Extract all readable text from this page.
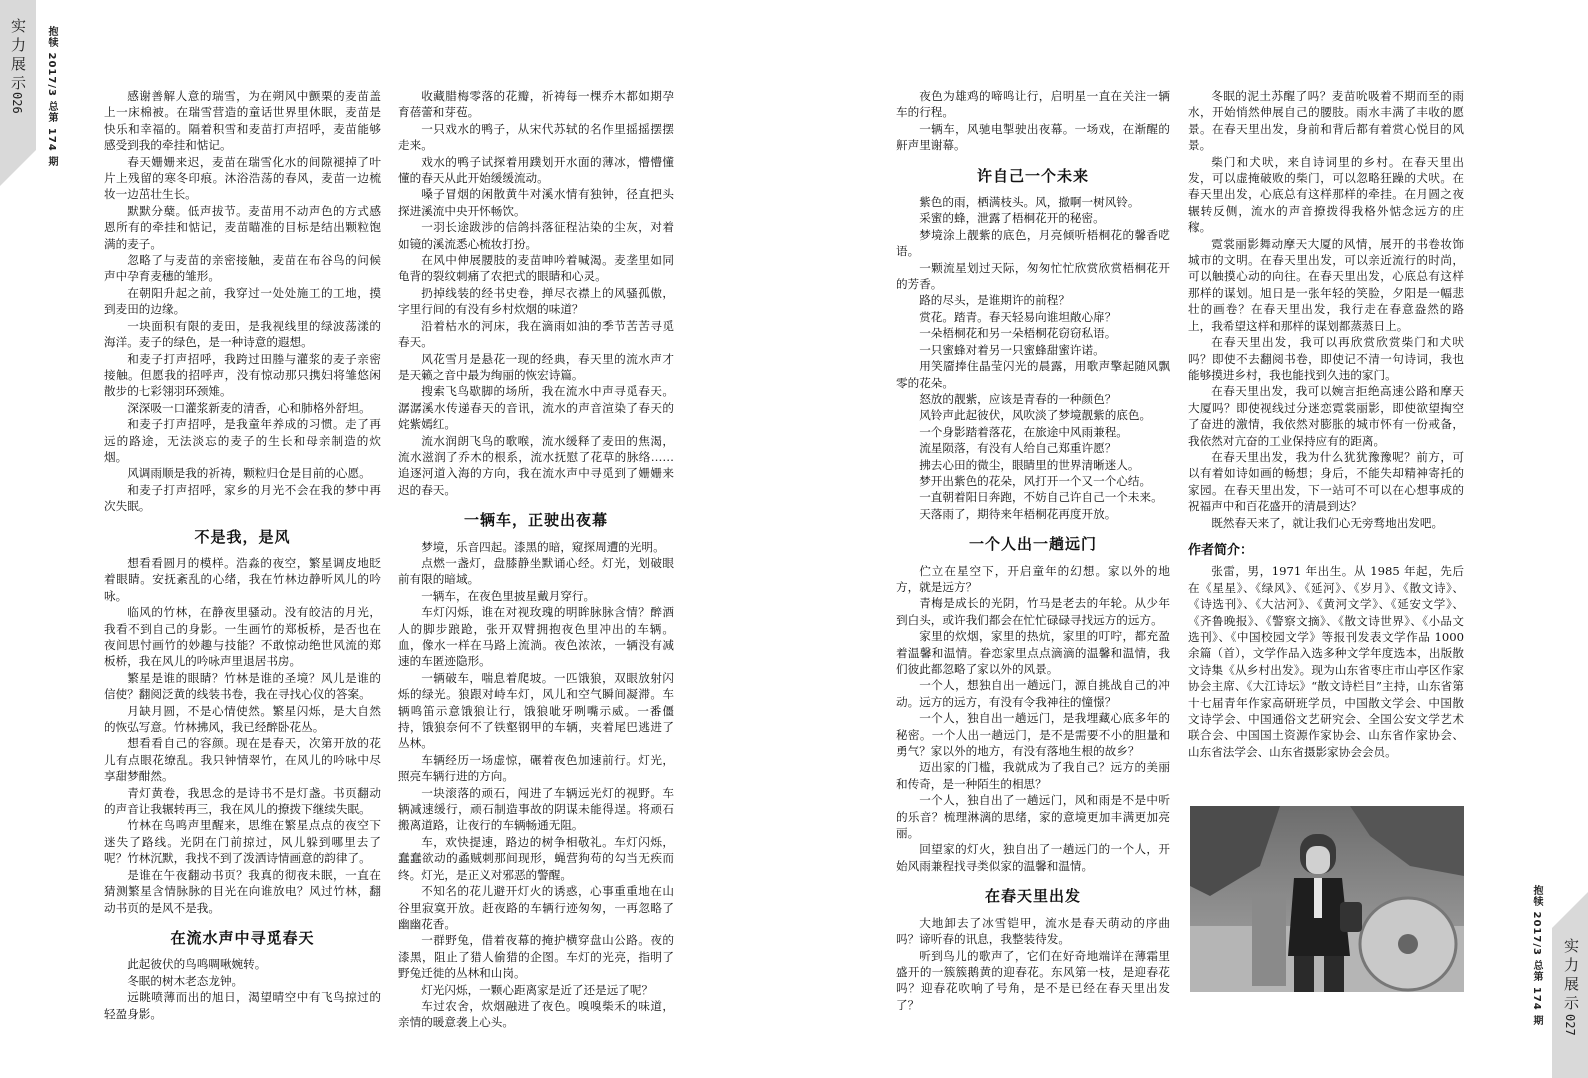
实力展示
026 抱犊 2017/3 总第 174 期	感谢善解人意的瑞雪，为在朔风中颤栗的麦苗盖上一床棉被。在瑞雪营造的童话世界里休眠，麦苗是快乐和幸福的。隔着积雪和麦苗打声招呼，麦苗能够感受到我的牵挂和惦记。

春天姗姗来迟，麦苗在瑞雪化水的间隙褪掉了叶片上残留的寒冬印痕。沐浴浩荡的春风，麦苗一边梳妆一边茁壮生长。

默默分蘖。低声拔节。麦苗用不动声色的方式感恩所有的牵挂和惦记，麦苗瞄准的目标是结出颗粒饱满的麦子。

忽略了与麦苗的亲密接触，麦苗在布谷鸟的问候声中孕育麦穗的雏形。

在朝阳升起之前，我穿过一处处施工的工地，摸到麦田的边缘。

一块面积有限的麦田，是我视线里的绿波荡漾的海洋。麦子的绿色，是一种诗意的遐想。

和麦子打声招呼，我跨过田塍与灌浆的麦子亲密接触。但愿我的招呼声，没有惊动那只携妇将雏悠闲散步的七彩翎羽环颈雉。

深深吸一口灌浆新麦的清香，心和肺格外舒坦。

和麦子打声招呼，是我童年养成的习惯。走了再远的路途，无法淡忘的麦子的生长和母亲制造的炊烟。

风调雨顺是我的祈祷，颗粒归仓是目前的心愿。

和麦子打声招呼，家乡的月光不会在我的梦中再次失眠。

不是我，是风

想看看圆月的模样。浩淼的夜空，繁星调皮地眨着眼睛。安抚紊乱的心绪，我在竹林边静听风儿的吟咏。

临风的竹林，在静夜里骚动。没有皎洁的月光，我看不到自己的身影。一生画竹的郑板桥，是否也在夜间思忖画竹的妙趣与技能？不敢惊动绝世风流的郑板桥，我在风儿的吟咏声里退居书房。

繁星是谁的眼睛？竹林是谁的圣境？风儿是谁的信使？翻阅泛黄的线装书卷，我在寻找心仪的答案。

月缺月圆，不是心情使然。繁星闪烁，是大自然的恢弘写意。竹林拂风，我已经醉卧花丛。

想看看自己的容颜。现在是春天，次第开放的花儿有点眼花缭乱。我只钟情翠竹，在风儿的吟咏中尽享甜梦酣然。

青灯黄卷，我思念的是诗书不是灯盏。书页翻动的声音让我辗转再三，我在风儿的撩拨下继续失眠。

竹林在鸟鸣声里醒来，思维在繁星点点的夜空下迷失了路线。光阴在门前掠过，风儿躲到哪里去了呢？竹林沉默，我找不到了泼洒诗情画意的韵律了。

是谁在午夜翻动书页？我真的彻夜未眠，一直在猜测繁星含情脉脉的目光在向谁放电？风过竹林，翻动书页的是风不是我。

在流水声中寻觅春天

此起彼伏的鸟鸣啁啾婉转。

冬眠的树木老态龙钟。

远眺喷薄而出的旭日，渴望晴空中有飞鸟掠过的轻盈身影。

收藏腊梅零落的花瓣，祈祷每一棵乔木都如期孕育蓓蕾和芽苞。

一只戏水的鸭子，从宋代苏轼的名作里摇摇摆摆走来。

戏水的鸭子试探着用蹼划开水面的薄冰，懵懵懂懂的春天从此开始缓缓流动。

嗓子冒烟的闲散黄牛对溪水情有独钟，径直把头探进溪流中央开怀畅饮。

一羽长途跋涉的信鸽抖落征程沾染的尘灰，对着如镜的溪流悉心梳妆打扮。

在风中伸展腰肢的麦苗呻吟着喊渴。麦垄里如同龟背的裂纹刺痛了农把式的眼睛和心灵。

扔掉线装的经书史卷，掸尽衣襟上的风骚孤傲，字里行间的有没有乡村炊烟的味道？

沿着枯水的河床，我在滴雨如油的季节苦苦寻觅春天。

风花雪月是悬花一现的经典，春天里的流水声才是天籁之音中最为绚丽的恢宏诗篇。

搜索飞鸟歇脚的场所，我在流水中声寻觅春天。潺潺溪水传递春天的音讯，流水的声音渲染了春天的姹紫嫣红。

流水润朗飞鸟的歌喉，流水缓释了麦田的焦渴，流水滋润了乔木的根系，流水抚慰了花草的脉络……追逐河道入海的方向，我在流水声中寻觅到了姗姗来迟的春天。

一辆车，正驶出夜幕

梦境，乐音四起。漆黑的暗，窥探周遭的光明。

点燃一盏灯，盘膝静坐默诵心经。灯光，划破眼前有限的暗域。

一辆车，在夜色里披星戴月穿行。

车灯闪烁，谁在对视玫瑰的明眸脉脉含情？醉酒人的脚步踉跄，张开双臂拥抱夜色里冲出的车辆。血，像水一样在马路上流淌。夜色浓浓，一辆没有减速的车匿迹隐形。

一辆破车，喘息着爬坡。一匹饿狼，双眼放射闪烁的绿光。狼跟对峙车灯，风儿和空气瞬间凝滞。车辆鸣笛示意饿狼让行，饿狼呲牙咧嘴示威。一番僵持，饿狼奈何不了铁壑钢甲的车辆，夹着尾巴逃进了丛林。

车辆经历一场虚惊，碾着夜色加速前行。灯光，照亮车辆行进的方向。

一块滚落的顽石，闯进了车辆远光灯的视野。车辆减速缓行，顽石制造事故的阴谋未能得逞。将顽石搬离道路，让夜行的车辆畅通无阻。

车，欢快提速，路边的树争相敬礼。车灯闪烁，蠢蠢欲动的蟊贼刺那间现形，蝇营狗苟的勾当无疾而终。灯光，是正义对邪恶的警醒。

不知名的花儿避开灯火的诱惑，心事重重地在山谷里寂寞开放。赶夜路的车辆行迹匆匆，一再忽略了幽幽花香。

一群野兔，借着夜幕的掩护横穿盘山公路。夜的漆黑，阻止了猎人偷猎的企图。车灯的光亮，指明了野兔迁徙的丛林和山岗。

灯光闪烁，一颗心距离家是近了还是远了呢？

车过农舍，炊烟融进了夜色。嗅嗅柴禾的味道，亲情的暖意袭上心头。

夜色为雄鸡的啼鸣让行，启明星一直在关注一辆车的行程。

一辆车，风驰电掣驶出夜幕。一场戏，在渐醒的鼾声里谢幕。

许自己一个未来

紫色的雨，栖满枝头。风，撤啊一树风铃。

采蜜的蜂，泄露了梧桐花开的秘密。

梦境涂上靓紫的底色，月亮倾听梧桐花的馨香呓语。

一颗流星划过天际，匆匆忙忙欣赏欣赏梧桐花开的芳香。

路的尽头，是谁期许的前程？

赏花。踏青。春天轻易向谁坦敞心扉？

一朵梧桐花和另一朵梧桐花窃窃私语。

一只蜜蜂对着另一只蜜蜂甜蜜许诺。

用笑靥捧住晶莹闪光的晨露，用歌声擎起随风飘零的花朵。

怒放的靓紫，应该是青春的一种颜色？

风铃声此起彼伏，风吹淡了梦境靓紫的底色。

一个身影踏着落花，在旅途中风雨兼程。

流星陨落，有没有人给自己郑重许愿？

拂去心田的微尘，眼睛里的世界清晰迷人。

梦开出紫色的花朵，风打开一个又一个心结。

一直朝着阳日奔跑，不妨自己许自己一个未来。

天落雨了，期待来年梧桐花再度开放。

一个人出一趟远门

伫立在星空下，开启童年的幻想。家以外的地方，就是远方？

青梅是成长的光阴，竹马是老去的年轮。从少年到白头，或许我们都会在忙忙碌碌寻找远方的远方。

家里的炊烟，家里的热炕，家里的叮咛，都充盈着温馨和温情。眷恋家里点点滴滴的温馨和温情，我们彼此都忽略了家以外的风景。

一个人，想独自出一趟远门，源自挑战自己的冲动。远方的远方，有没有令我神往的憧憬？

一个人，独自出一趟远门，是我埋藏心底多年的秘密。一个人出一趟远门，是不是需要不小的胆量和勇气？家以外的地方，有没有落地生根的故乡？

迈出家的门槛，我就成为了我自己？远方的美丽和传奇，是一种陌生的相思？

一个人，独自出了一趟远门，风和雨是不是中听的乐音？梳理淋漓的思绪，家的意境更加丰满更加亮丽。

回望家的灯火，独自出了一趟远门的一个人，开始风雨兼程找寻类似家的温馨和温情。

在春天里出发

大地卸去了冰雪铠甲，流水是春天萌动的序曲吗？谛听春的讯息，我整装待发。

听到鸟儿的歌声了，它们在好奇地端详在薄霜里盛开的一簇簇鹅黄的迎春花。东风第一枝，是迎春花吗？迎春花吹响了号角，是不是已经在春天里出发了？

冬眠的泥土苏醒了吗？麦苗吮吸着不期而至的雨水，开始悄然伸展自己的腰肢。雨水丰满了丰收的愿景。在春天里出发，身前和背后都有着赏心悦目的风景。

柴门和犬吠，来自诗词里的乡村。在春天里出发，可以虚掩破败的柴门，可以忽略狂躁的犬吠。在春天里出发，心底总有这样那样的牵挂。在月圆之夜辗转反侧，流水的声音撩拨得我格外惦念远方的庄稼。

霓裳丽影舞动摩天大厦的风情，展开的书卷妆饰城市的文明。在春天里出发，可以亲近流行的时尚，可以触摸心动的向往。在春天里出发，心底总有这样那样的谋划。旭日是一张年轻的笑脸，夕阳是一幅悲壮的画卷？在春天里出发，我行走在春意盎然的路上，我希望这样和那样的谋划都蒸蒸日上。

在春天里出发，我可以再欣赏欣赏柴门和犬吠吗？即使不去翻阅书卷，即使记不清一句诗词，我也能够摸进乡村，我也能找到久违的家门。

在春天里出发，我可以婉言拒绝高速公路和摩天大厦吗？即使视线过分迷恋霓裳丽影，即使欲望掏空了奋进的激情，我依然对膨胀的城市怀有一份戒备，我依然对亢奋的工业保持应有的距离。

在春天里出发，我为什么犹犹豫豫呢？前方，可以有着如诗如画的畅想；身后，不能失却精神寄托的家园。在春天里出发，下一站可不可以在心想事成的祝福声中和百花盛开的清晨到达？

既然春天来了，就让我们心无旁骛地出发吧。

作者简介：

张雷，男，1971 年出生。从 1985 年起，先后在《星星》、《绿风》、《延河》、《岁月》、《散文诗》、《诗选刊》、《大沽河》、《黄河文学》、《延安文学》、《齐鲁晚报》、《警察文摘》、《散文诗世界》、《小品文选刊》、《中国校园文学》等报刊发表文学作品 1000 余篇（首），文学作品入选多种文学年度选本，出版散文诗集《从乡村出发》。现为山东省枣庄市山亭区作家协会主席、《大江诗坛》“散文诗栏目”主持，山东省第十七届青年作家高研班学员，中国散文学会、中国散文诗学会、中国通俗文艺研究会、全国公安文学艺术联合会、中国国土资源作家协会、山东省作家协会、山东省法学会、山东省摄影家协会会员。

实力展示
027
抱犊 2017/3 总第 174 期
